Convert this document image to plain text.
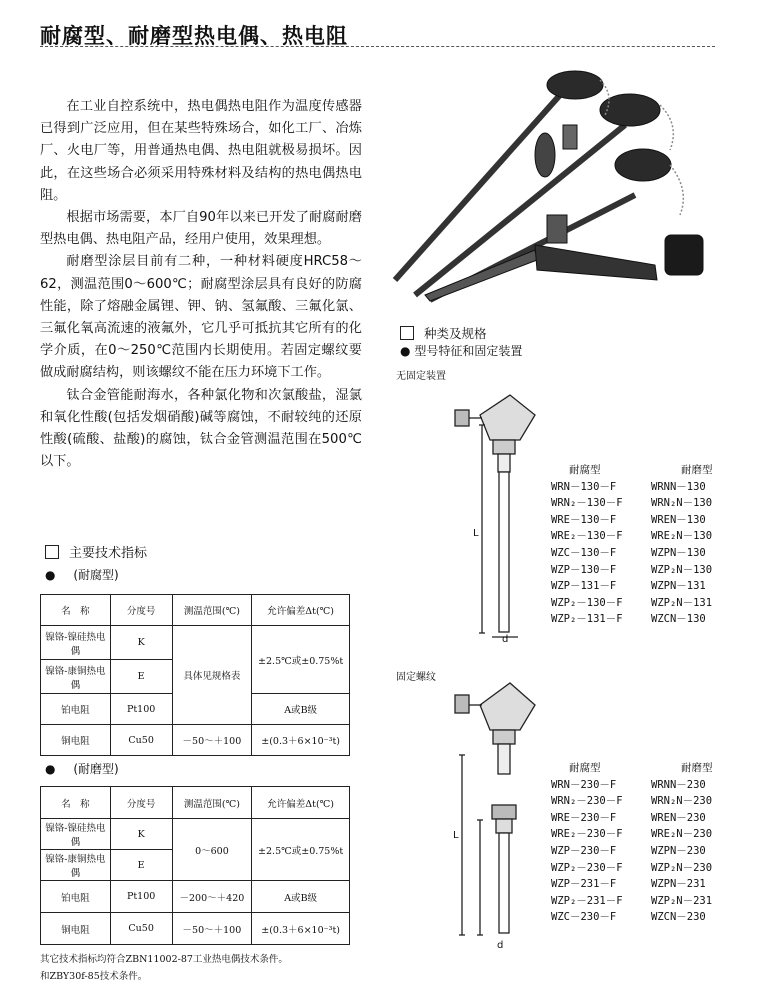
耐腐型、耐磨型热电偶、热电阻

在工业自控系统中，热电偶热电阻作为温度传感器已得到广泛应用，但在某些特殊场合，如化工厂、冶炼厂、火电厂等，用普通热电偶、热电阻就极易损坏。因此，在这些场合必须采用特殊材料及结构的热电偶热电阻。

根据市场需要，本厂自90年以来已开发了耐腐耐磨型热电偶、热电阻产品，经用户使用，效果理想。

耐磨型涂层目前有二种，一种材料硬度HRC58～62，测温范围0～600℃；耐腐型涂层具有良好的防腐性能，除了熔融金属锂、钾、钠、氢氟酸、三氟化氯、三氟化氧高流速的液氟外，它几乎可抵抗其它所有的化学介质，在0～250℃范围内长期使用。若固定螺纹要做成耐腐结构，则该螺纹不能在压力环境下工作。

钛合金管能耐海水，各种氯化物和次氯酸盐，湿氯和氧化性酸(包括发烟硝酸)碱等腐蚀，不耐较纯的还原性酸(硫酸、盐酸)的腐蚀，钛合金管测温范围在500℃以下。

种类及规格
● 型号特征和固定装置
无固定装置
L
d
耐腐型	耐磨型
WRN－130－F	WRNN－130
WRN₂－130－F	WRN₂N－130
WRE－130－F	WREN－130
WRE₂－130－F	WRE₂N－130
WZC－130－F	WZPN－130
WZP－130－F	WZP₂N－130
WZP－131－F	WZPN－131
WZP₂－130－F	WZP₂N－131
WZP₂－131－F	WZCN－130
固定螺纹
L
d
耐腐型	耐磨型
WRN－230－F	WRNN－230
WRN₂－230－F	WRN₂N－230
WRE－230－F	WREN－230
WRE₂－230－F	WRE₂N－230
WZP－230－F	WZPN－230
WZP₂－230－F	WZP₂N－230
WZP－231－F	WZPN－231
WZP₂－231－F	WZP₂N－231
WZC－230－F	WZCN－230
主要技术指标
● (耐腐型)
名　称	分度号	测温范围(℃)	允许偏差Δt(℃)
镍铬-镍硅热电偶	K	具体见规格表	±2.5℃或±0.75%t
镍铬-康铜热电偶	E		
铂电阻	Pt100		A或B级
铜电阻	Cu50	－50～＋100	±(0.3＋6×10⁻³t)
● (耐磨型)
名　称	分度号	测温范围(℃)	允许偏差Δt(℃)
镍铬-镍硅热电偶	K	0～600	±2.5℃或±0.75%t
镍铬-康铜热电偶	E		
铂电阻	Pt100	－200～＋420	A或B级
铜电阻	Cu50	－50～＋100	±(0.3＋6×10⁻³t)
其它技术指标均符合ZBN11002-87工业热电偶技术条件。
和ZBY30f-85技术条件。
